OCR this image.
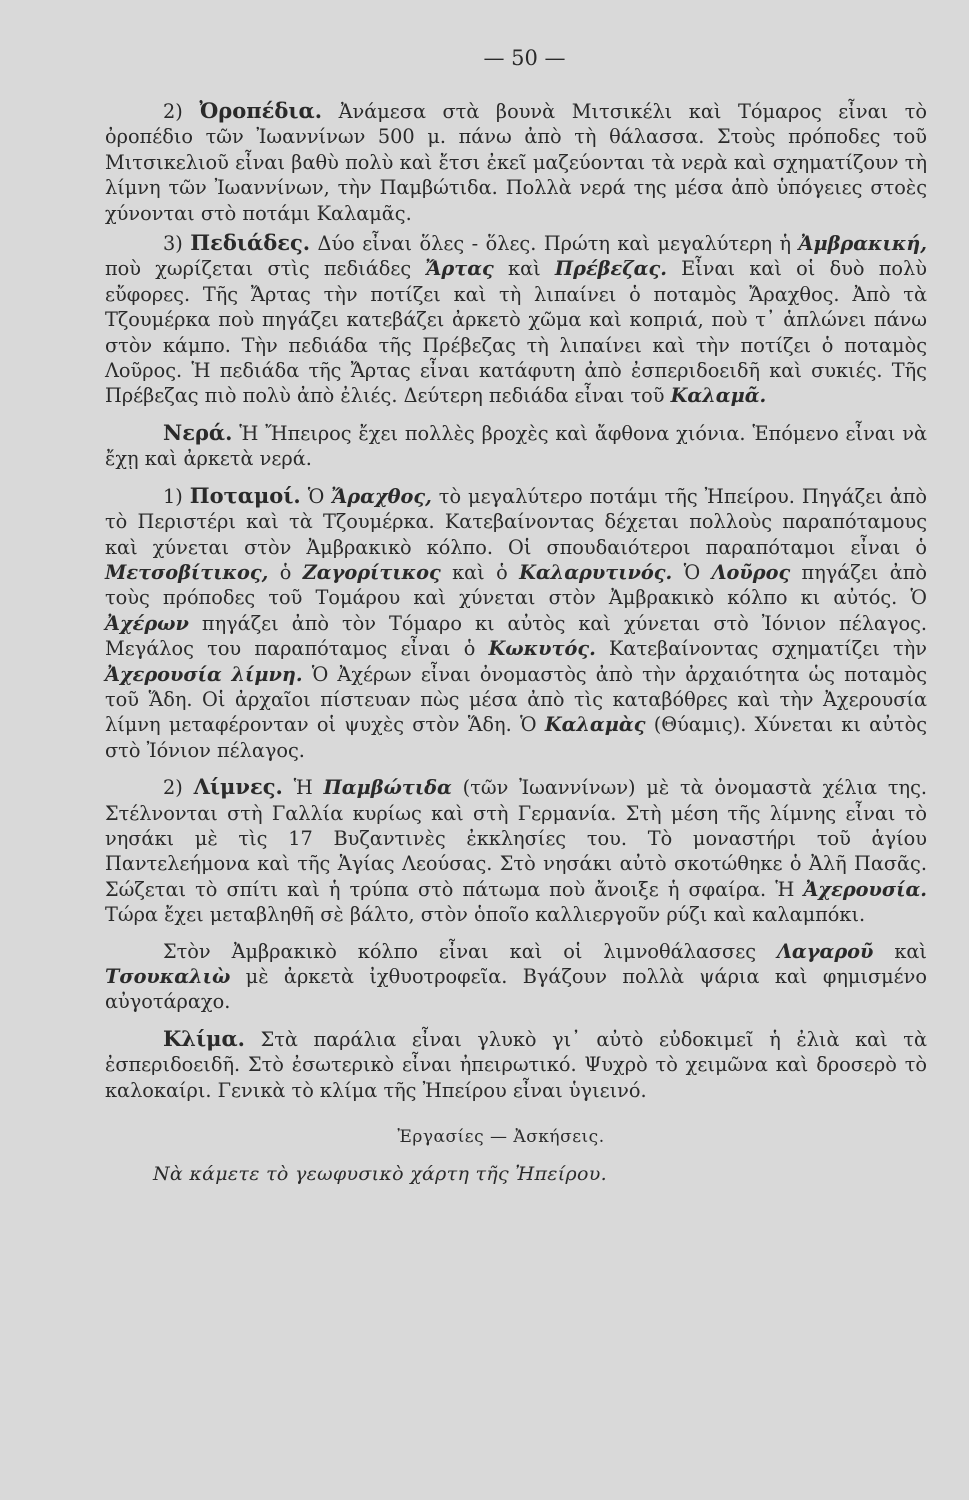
— 50 —

2) Ὀροπέδια. Ἀνάμεσα στὰ βουνὰ Μιτσικέλι καὶ Τόμαρος εἶναι τὸ ὀροπέδιο τῶν Ἰωαννίνων 500 μ. πάνω ἀπὸ τὴ θάλασσα. Στοὺς πρόποδες τοῦ Μιτσικελιοῦ εἶναι βαθὺ πολὺ καὶ ἔτσι ἐκεῖ μαζεύονται τὰ νερὰ καὶ σχηματίζουν τὴ λίμνη τῶν Ἰωαννίνων, τὴν Παμβώτιδα. Πολλὰ νερά της μέσα ἀπὸ ὑπόγειες στοὲς χύνονται στὸ ποτάμι Καλαμᾶς.

3) Πεδιάδες. Δύο εἶναι ὅλες - ὅλες. Πρώτη καὶ μεγαλύτερη ἡ Ἀμβρακική, ποὺ χωρίζεται στὶς πεδιάδες Ἄρτας καὶ Πρέβεζας. Εἶναι καὶ οἱ δυὸ πολὺ εὔφορες. Τῆς Ἄρτας τὴν ποτίζει καὶ τὴ λιπαίνει ὁ ποταμὸς Ἄραχθος. Ἀπὸ τὰ Τζουμέρκα ποὺ πηγάζει κατεβάζει ἀρκετὸ χῶμα καὶ κοπριά, ποὺ τ᾽ ἁπλώνει πάνω στὸν κάμπο. Τὴν πεδιάδα τῆς Πρέβεζας τὴ λιπαίνει καὶ τὴν ποτίζει ὁ ποταμὸς Λοῦρος. Ἡ πεδιάδα τῆς Ἄρτας εἶναι κατάφυτη ἀπὸ ἐσπεριδοειδῆ καὶ συκιές. Τῆς Πρέβεζας πιὸ πολὺ ἀπὸ ἐλιές. Δεύτερη πεδιάδα εἶναι τοῦ Καλαμᾶ.

Νερά. Ἡ Ἤπειρος ἔχει πολλὲς βροχὲς καὶ ἄφθονα χιόνια. Ἑπόμενο εἶναι νὰ ἔχῃ καὶ ἀρκετὰ νερά.

1) Ποταμοί. Ὁ Ἄραχθος, τὸ μεγαλύτερο ποτάμι τῆς Ἠπείρου. Πηγάζει ἀπὸ τὸ Περιστέρι καὶ τὰ Τζουμέρκα. Κατεβαίνοντας δέχεται πολλοὺς παραπόταμους καὶ χύνεται στὸν Ἀμβρακικὸ κόλπο. Οἱ σπουδαιότεροι παραπόταμοι εἶναι ὁ Μετσοβίτικος, ὁ Ζαγορίτικος καὶ ὁ Καλαρυτινός. Ὁ Λοῦρος πηγάζει ἀπὸ τοὺς πρόποδες τοῦ Τομάρου καὶ χύνεται στὸν Ἀμβρακικὸ κόλπο κι αὐτός. Ὁ Ἀχέρων πηγάζει ἀπὸ τὸν Τόμαρο κι αὐτὸς καὶ χύνεται στὸ Ἰόνιον πέλαγος. Μεγάλος του παραπόταμος εἶναι ὁ Κωκυτός. Κατεβαίνοντας σχηματίζει τὴν Ἀχερουσία λίμνη. Ὁ Ἀχέρων εἶναι ὀνομαστὸς ἀπὸ τὴν ἀρχαιότητα ὡς ποταμὸς τοῦ Ἅδη. Οἱ ἀρχαῖοι πίστευαν πὼς μέσα ἀπὸ τὶς καταβόθρες καὶ τὴν Ἀχερουσία λίμνη μεταφέρονταν οἱ ψυχὲς στὸν Ἅδη. Ὁ Καλαμὰς (Θύαμις). Χύνεται κι αὐτὸς στὸ Ἰόνιον πέλαγος.

2) Λίμνες. Ἡ Παμβώτιδα (τῶν Ἰωαννίνων) μὲ τὰ ὀνομαστὰ χέλια της. Στέλνονται στὴ Γαλλία κυρίως καὶ στὴ Γερμανία. Στὴ μέση τῆς λίμνης εἶναι τὸ νησάκι μὲ τὶς 17 Βυζαντινὲς ἐκκλησίες του. Τὸ μοναστήρι τοῦ ἁγίου Παντελεήμονα καὶ τῆς Ἁγίας Λεούσας. Στὸ νησάκι αὐτὸ σκοτώθηκε ὁ Ἀλῆ Πασᾶς. Σώζεται τὸ σπίτι καὶ ἡ τρύπα στὸ πάτωμα ποὺ ἄνοιξε ἡ σφαίρα. Ἡ Ἀχερουσία. Τώρα ἔχει μεταβληθῆ σὲ βάλτο, στὸν ὁποῖο καλλιεργοῦν ρύζι καὶ καλαμπόκι.

Στὸν Ἀμβρακικὸ κόλπο εἶναι καὶ οἱ λιμνοθάλασσες Λαγαροῦ καὶ Τσουκαλιὼ μὲ ἀρκετὰ ἰχθυοτροφεῖα. Βγάζουν πολλὰ ψάρια καὶ φημισμένο αὐγοτάραχο.

Κλίμα. Στὰ παράλια εἶναι γλυκὸ γι᾽ αὐτὸ εὐδοκιμεῖ ἡ ἐλιὰ καὶ τὰ ἐσπεριδοειδῆ. Στὸ ἐσωτερικὸ εἶναι ἠπειρωτικό. Ψυχρὸ τὸ χειμῶνα καὶ δροσερὸ τὸ καλοκαίρι. Γενικὰ τὸ κλίμα τῆς Ἠπείρου εἶναι ὑγιεινό.

Ἐργασίες — Ἀσκήσεις.

Νὰ κάμετε τὸ γεωφυσικὸ χάρτη τῆς Ἠπείρου.
